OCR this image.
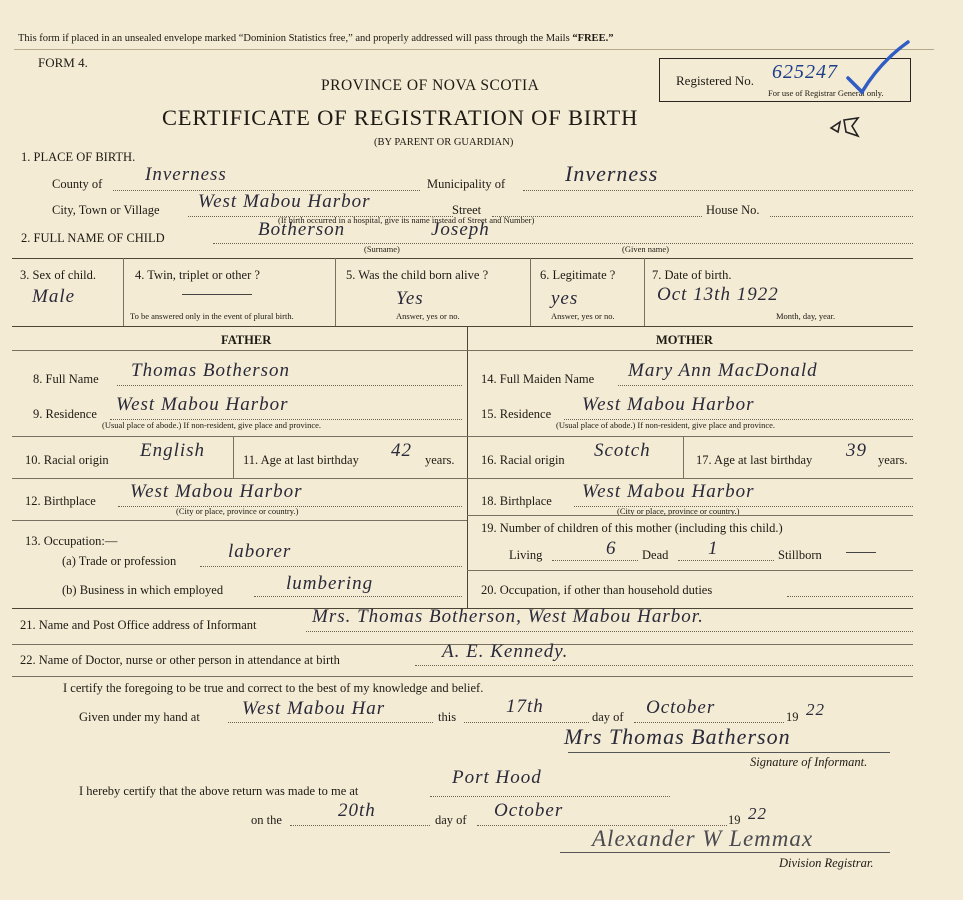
This form if placed in an unsealed envelope marked “Dominion Statistics free,” and properly addressed will pass through the Mails “FREE.”
FORM 4.
PROVINCE OF NOVA SCOTIA
CERTIFICATE OF REGISTRATION OF BIRTH
(BY PARENT OR GUARDIAN)
Registered No. 625247
For use of Registrar General only.
1. PLACE OF BIRTH.
County of Inverness	Municipality of	Inverness
City, Town or Village West Mabou Harbor	Street	House No.
(If birth occurred in a hospital, give its name instead of Street and Number)
2. FULL NAME OF CHILD	Botherson	Joseph
(Surname)	(Given name)
3. Sex of child.
Male
4. Twin, triplet or other ?
To be answered only in the event of plural birth.
5. Was the child born alive ?
Yes
Answer, yes or no.
6. Legitimate ?
yes
Answer, yes or no.
7. Date of birth.
Oct 13th 1922
Month, day, year.
FATHER	MOTHER
8. Full Name Thomas Botherson
9. Residence West Mabou Harbor
(Usual place of abode.) If non-resident, give place and province.
10. Racial origin English	11. Age at last birthday 42 years.
12. Birthplace West Mabou Harbor
(City or place, province or country.)
13. Occupation:—
(a) Trade or profession	laborer
(b) Business in which employed	lumbering
14. Full Maiden Name Mary Ann MacDonald
15. Residence West Mabou Harbor
(Usual place of abode.) If non-resident, give place and province.
16. Racial origin Scotch	17. Age at last birthday 39 years.
18. Birthplace West Mabou Harbor
(City or place, province or country.)
19. Number of children of this mother (including this child.)
Living	6 Dead 1	Stillborn
20. Occupation, if other than household duties
21. Name and Post Office address of Informant	Mrs. Thomas Botherson, West Mabou Harbor.
22. Name of Doctor, nurse or other person in attendance at birth	A. E. Kennedy.
I certify the foregoing to be true and correct to the best of my knowledge and belief.
Given under my hand at West Mabou Har	this	17th	day of October	19 22
Mrs Thomas Batherson
Signature of Informant.
I hereby certify that the above return was made to me at
Port Hood
on the	20th	day of October	19 22
Alexander W Lemmax
Division Registrar.
